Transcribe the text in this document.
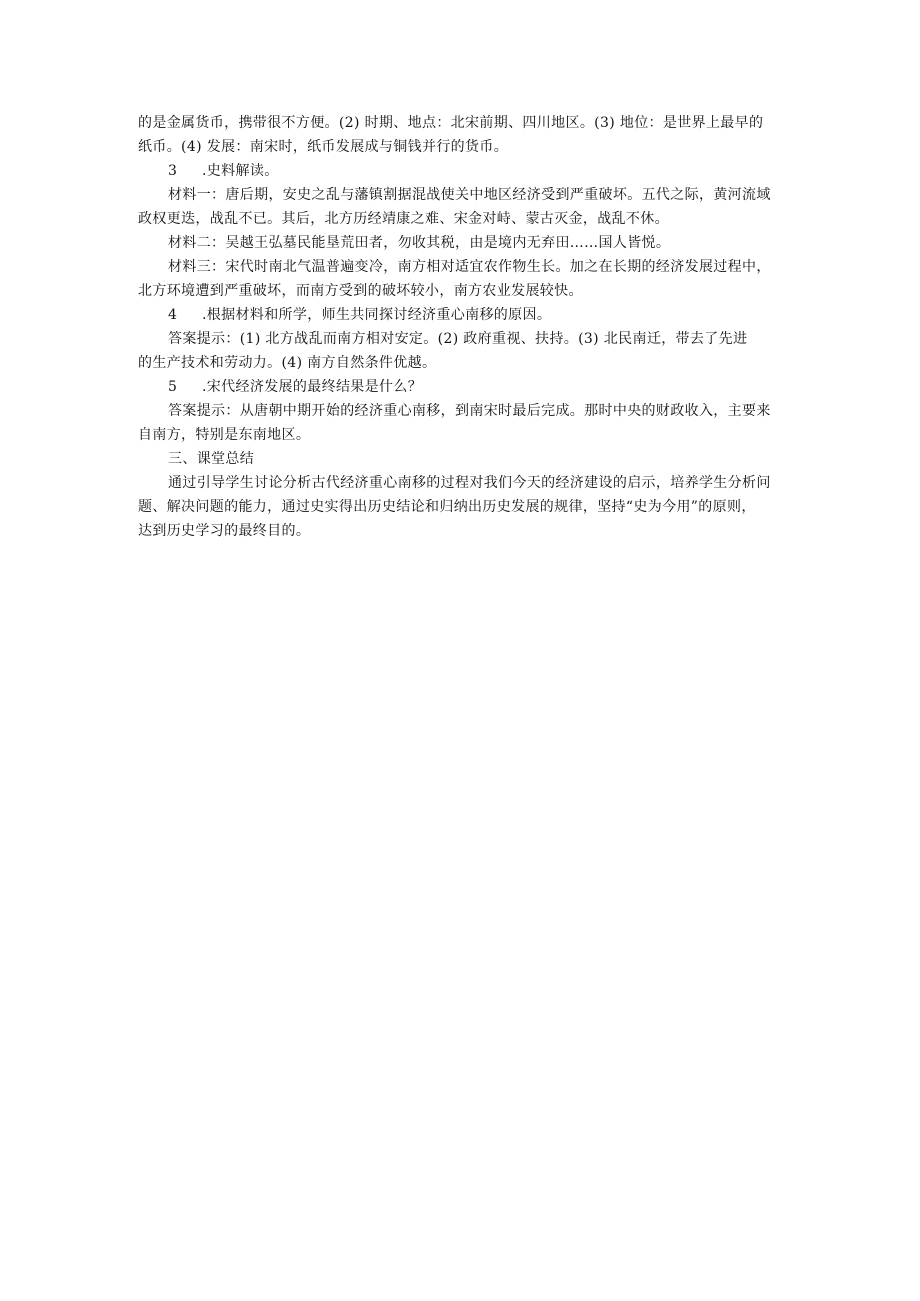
的是金属货币，携带很不方便。(2) 时期、地点：北宋前期、四川地区。(3) 地位：是世界上最早的
纸币。(4) 发展：南宋时，纸币发展成与铜钱并行的货币。
3 .史料解读。
材料一：唐后期，安史之乱与藩镇割据混战使关中地区经济受到严重破坏。五代之际，黄河流域
政权更迭，战乱不已。其后，北方历经靖康之难、宋金对峙、蒙古灭金，战乱不休。
材料二：吴越王弘墓民能垦荒田者，勿收其税，由是境内无弃田……国人皆悦。
材料三：宋代时南北气温普遍变冷，南方相对适宜农作物生长。加之在长期的经济发展过程中，
北方环境遭到严重破坏，而南方受到的破坏较小，南方农业发展较快。
4 .根据材料和所学，师生共同探讨经济重心南移的原因。
答案提示：(1) 北方战乱而南方相对安定。(2) 政府重视、扶持。(3) 北民南迁，带去了先进
的生产技术和劳动力。(4) 南方自然条件优越。
5 .宋代经济发展的最终结果是什么？
答案提示：从唐朝中期开始的经济重心南移，到南宋时最后完成。那时中央的财政收入，主要来
自南方，特别是东南地区。
三、课堂总结
通过引导学生讨论分析古代经济重心南移的过程对我们今天的经济建设的启示，培养学生分析问
题、解决问题的能力，通过史实得出历史结论和归纳出历史发展的规律，坚持“史为今用”的原则，
达到历史学习的最终目的。
